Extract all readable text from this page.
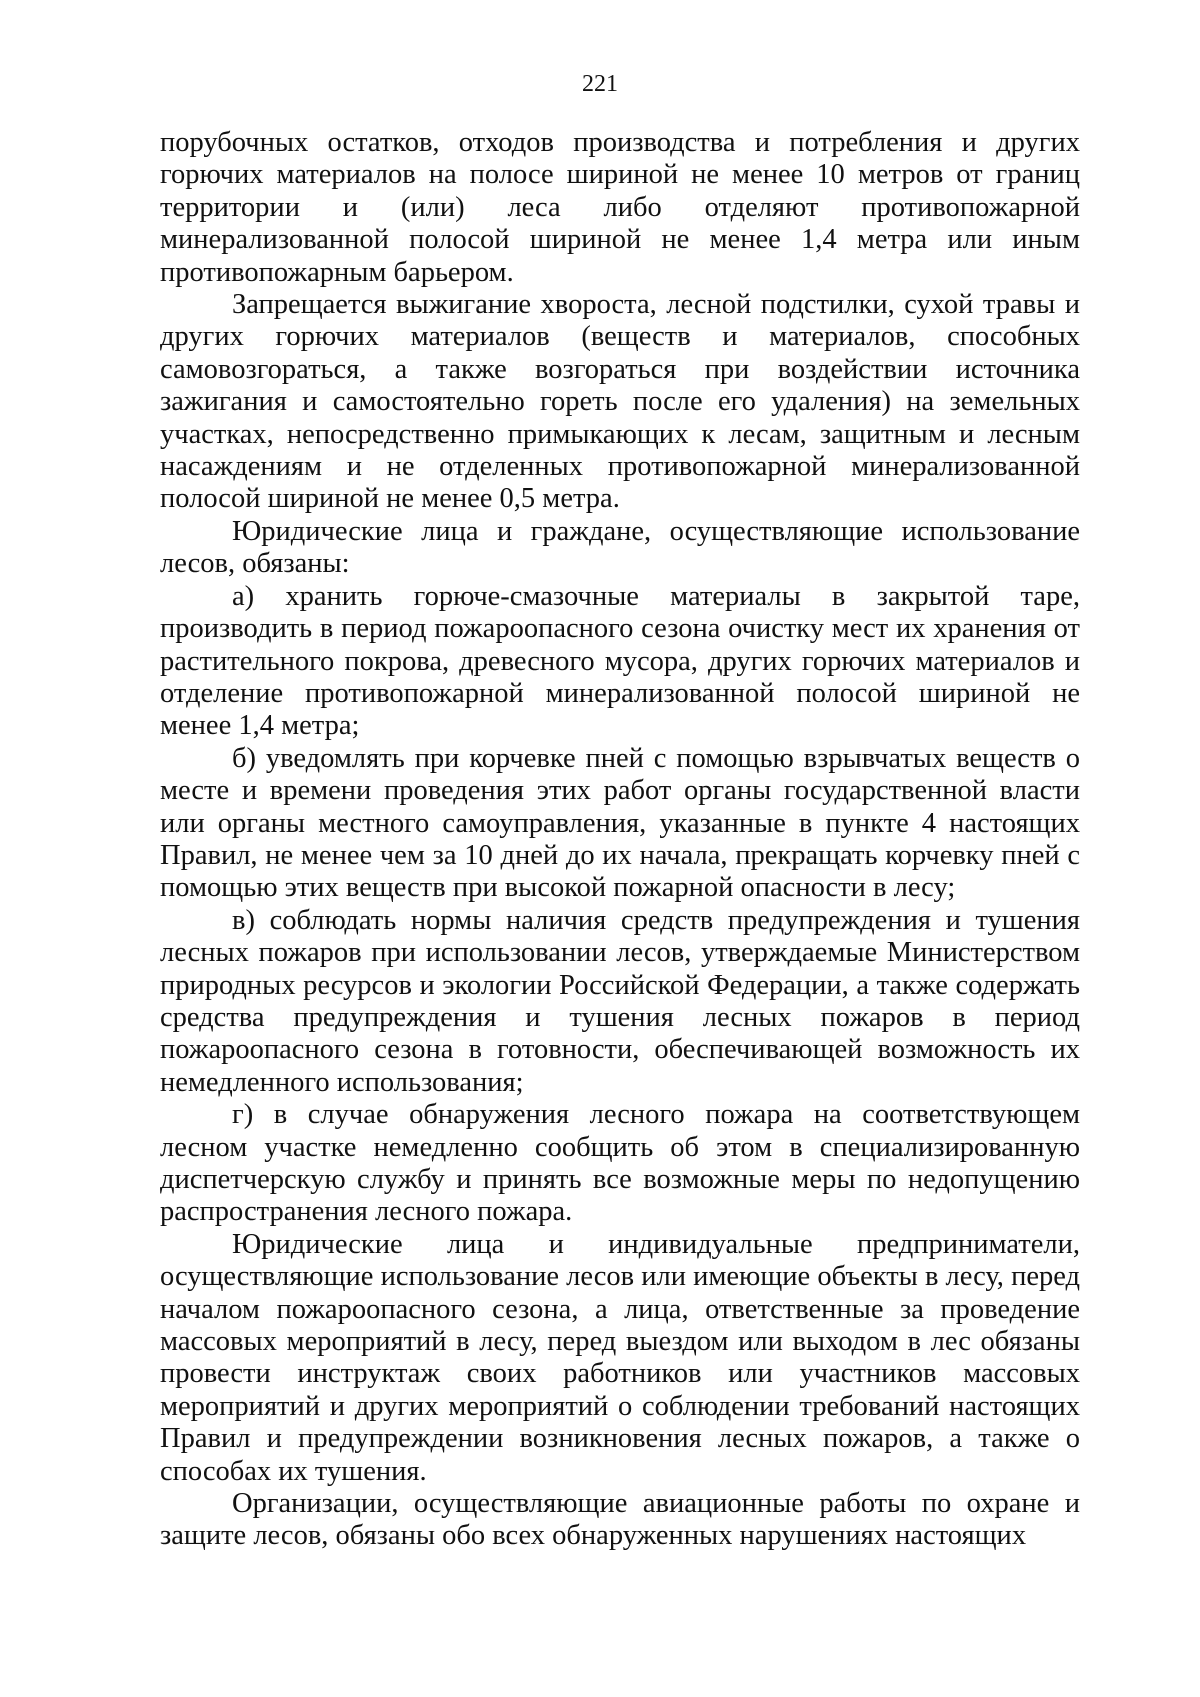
221

порубочных остатков, отходов производства и потребления и других горючих материалов на полосе шириной не менее 10 метров от границ территории и (или) леса либо отделяют противопожарной минерализованной полосой шириной не менее 1,4 метра или иным противопожарным барьером.

Запрещается выжигание хвороста, лесной подстилки, сухой травы и других горючих материалов (веществ и материалов, способных самовозгораться, а также возгораться при воздействии источника зажигания и самостоятельно гореть после его удаления) на земельных участках, непосредственно примыкающих к лесам, защитным и лесным насаждениям и не отделенных противопожарной минерализованной полосой шириной не менее 0,5 метра.

Юридические лица и граждане, осуществляющие использование лесов, обязаны:

а) хранить горюче-смазочные материалы в закрытой таре, производить в период пожароопасного сезона очистку мест их хранения от растительного покрова, древесного мусора, других горючих материалов и отделение противопожарной минерализованной полосой шириной не менее 1,4 метра;

б) уведомлять при корчевке пней с помощью взрывчатых веществ о месте и времени проведения этих работ органы государственной власти или органы местного самоуправления, указанные в пункте 4 настоящих Правил, не менее чем за 10 дней до их начала, прекращать корчевку пней с помощью этих веществ при высокой пожарной опасности в лесу;

в) соблюдать нормы наличия средств предупреждения и тушения лесных пожаров при использовании лесов, утверждаемые Министерством природных ресурсов и экологии Российской Федерации, а также содержать средства предупреждения и тушения лесных пожаров в период пожароопасного сезона в готовности, обеспечивающей возможность их немедленного использования;

г) в случае обнаружения лесного пожара на соответствующем лесном участке немедленно сообщить об этом в специализированную диспетчерскую службу и принять все возможные меры по недопущению распространения лесного пожара.

Юридические лица и индивидуальные предприниматели, осуществляющие использование лесов или имеющие объекты в лесу, перед началом пожароопасного сезона, а лица, ответственные за проведение массовых мероприятий в лесу, перед выездом или выходом в лес обязаны провести инструктаж своих работников или участников массовых мероприятий и других мероприятий о соблюдении требований настоящих Правил и предупреждении возникновения лесных пожаров, а также о способах их тушения.

Организации, осуществляющие авиационные работы по охране и защите лесов, обязаны обо всех обнаруженных нарушениях настоящих
